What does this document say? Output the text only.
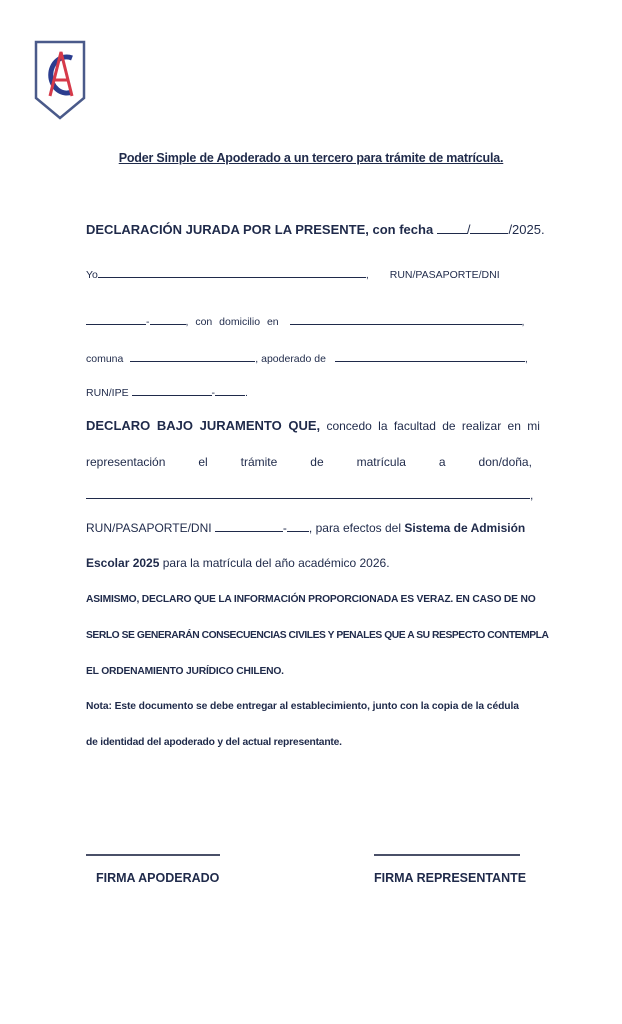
Poder Simple de Apoderado a un tercero para trámite de matrícula.
DECLARACIÓN JURADA POR LA PRESENTE, con fecha /	/2025.
Yo	, RUN/PASAPORTE/DNI
-	, con domicilio en	,
comuna	, apoderado de	,
RUN/IPE	-	.
DECLARO BAJO JURAMENTO QUE, concedo la facultad de realizar en mi
representación	el	trámite	de	matrícula	a	don/doña,
,
RUN/PASAPORTE/DNI	- , para efectos del Sistema de Admisión
Escolar 2025 para la matrícula del año académico 2026.
ASIMISMO, DECLARO QUE LA INFORMACIÓN PROPORCIONADA ES VERAZ. EN CASO DE NO
SERLO SE GENERARÁN CONSECUENCIAS CIVILES Y PENALES QUE A SU RESPECTO CONTEMPLA
EL ORDENAMIENTO JURÍDICO CHILENO.
Nota: Este documento se debe entregar al establecimiento, junto con la copia de la cédula
de identidad del apoderado y del actual representante.
FIRMA APODERADO	FIRMA REPRESENTANTE
